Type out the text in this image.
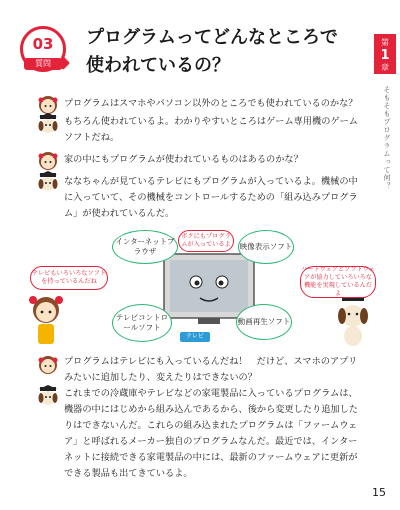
03
質問
プログラムってどんなところで
使われているの？
第
1
章
そもそもプログラムって何？
プログラムはスマホやパソコン以外のところでも使われているのかな？
もちろん使われているよ。わかりやすいところはゲーム専用機のゲームソフトだね。
家の中にもプログラムが使われているものはあるのかな？
ななちゃんが見ているテレビにもプログラムが入っているよ。機械の中に入っていて、その機械をコントロールするための「組み込みプログラム」が使われているんだ。
プログラムはテレビにも入っているんだね！　だけど、スマホのアプリみたいに追加したり、変えたりはできないの？
これまでの冷蔵庫やテレビなどの家電製品に入っているプログラムは、機器の中にはじめから組み込んであるから、後から変更したり追加したりはできないんだ。これらの組み込まれたプログラムは「ファームウェア」と呼ばれるメーカー独自のプログラムなんだ。最近では、インターネットに接続できる家電製品の中には、最新のファームウェアに更新ができる製品も出てきているよ。
インターネットブラウザ
映像表示ソフト
テレビコントロールソフト
動画再生ソフト
ボクにもプログラムが入っているよ
テレビもいろいろなソフトを持っているんだね
ハードウェアとソフトウェアが協力していろいろな機能を実現しているんだよ
テレビ
15
